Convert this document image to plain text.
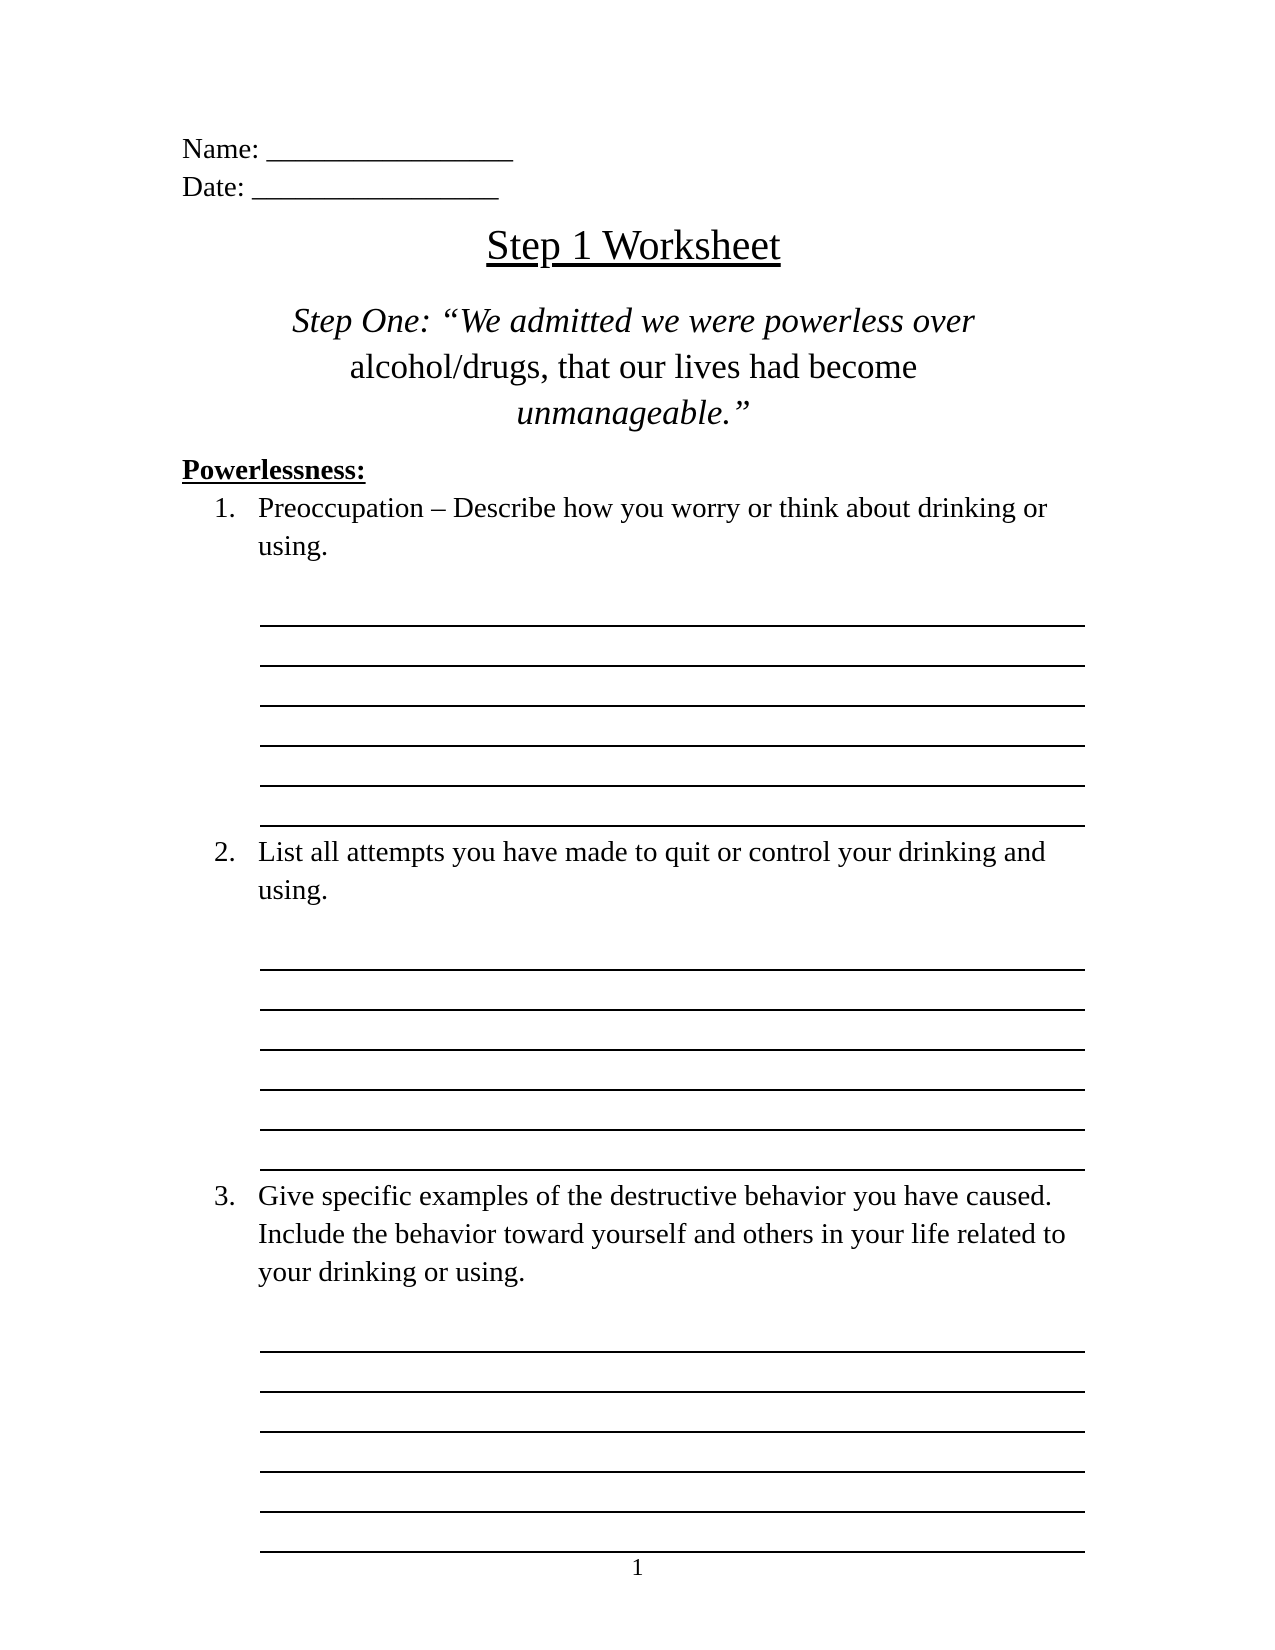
Name: _________________
Date: _________________
Step 1 Worksheet
Step One: “We admitted we were powerless over
alcohol/drugs, that our lives had become
unmanageable.”
Powerlessness:
1. Preoccupation – Describe how you worry or think about drinking or using.
2. List all attempts you have made to quit or control your drinking and using.
3. Give specific examples of the destructive behavior you have caused. Include the behavior toward yourself and others in your life related to your drinking or using.
1
